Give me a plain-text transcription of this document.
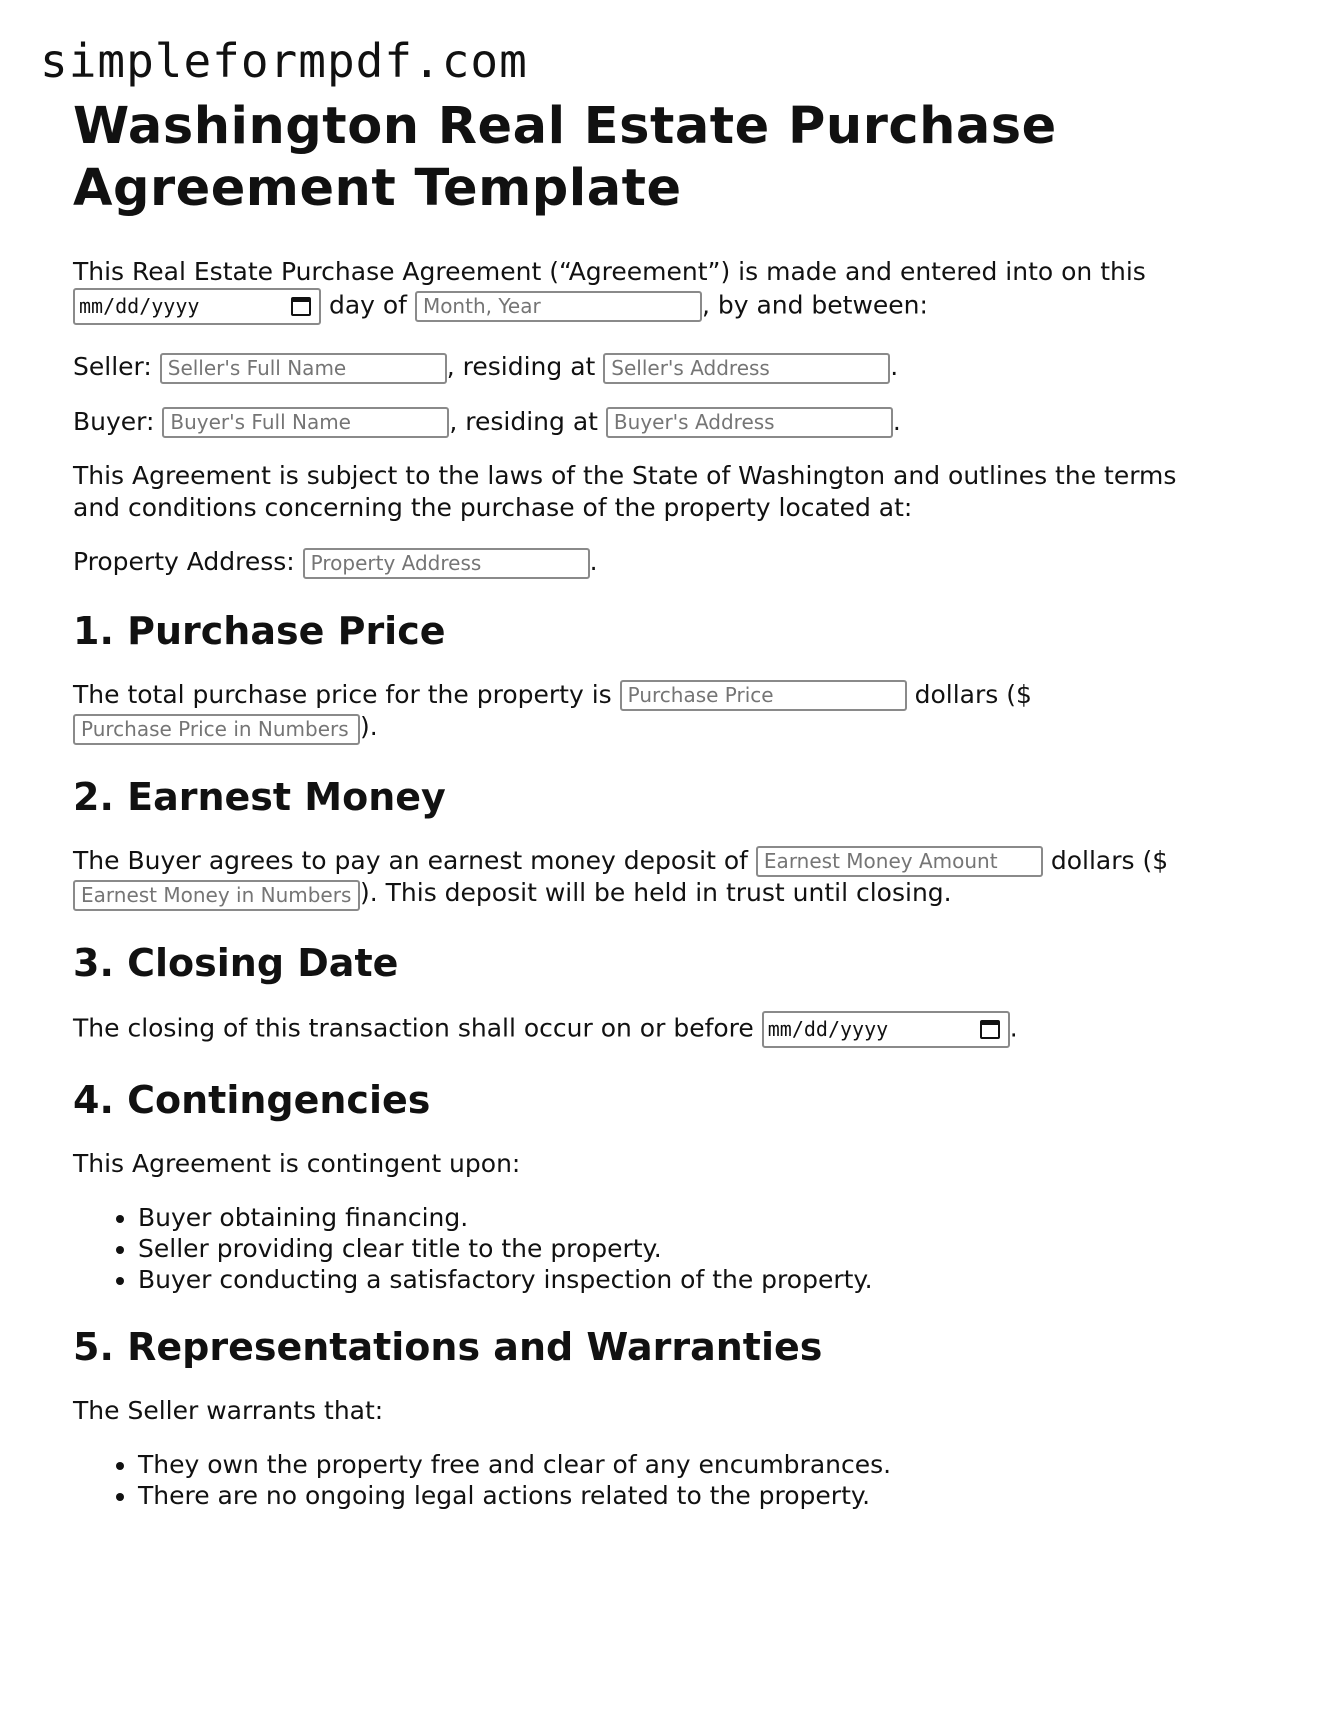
simpleformpdf.com
Washington Real Estate Purchase Agreement Template

This Real Estate Purchase Agreement (“Agreement”) is made and entered into on this
mm/dd/yyyy	day of Month, Year	, by and between:

Seller: Seller's Full Name	, residing at Seller's Address	.

Buyer: Buyer's Full Name	, residing at Buyer's Address	.

This Agreement is subject to the laws of the State of Washington and outlines the terms and conditions concerning the purchase of the property located at:

Property Address: Property Address	.

1. Purchase Price

The total purchase price for the property is Purchase Price	dollars ($
Purchase Price in Numbers ).

2. Earnest Money

The Buyer agrees to pay an earnest money deposit of Earnest Money Amount dollars ($
Earnest Money in Numbers ). This deposit will be held in trust until closing.

3. Closing Date

The closing of this transaction shall occur on or before mm/dd/yyyy	.

4. Contingencies

This Agreement is contingent upon:

• Buyer obtaining financing.
• Seller providing clear title to the property.
• Buyer conducting a satisfactory inspection of the property.
5. Representations and Warranties

The Seller warrants that:

• They own the property free and clear of any encumbrances.
• There are no ongoing legal actions related to the property.
